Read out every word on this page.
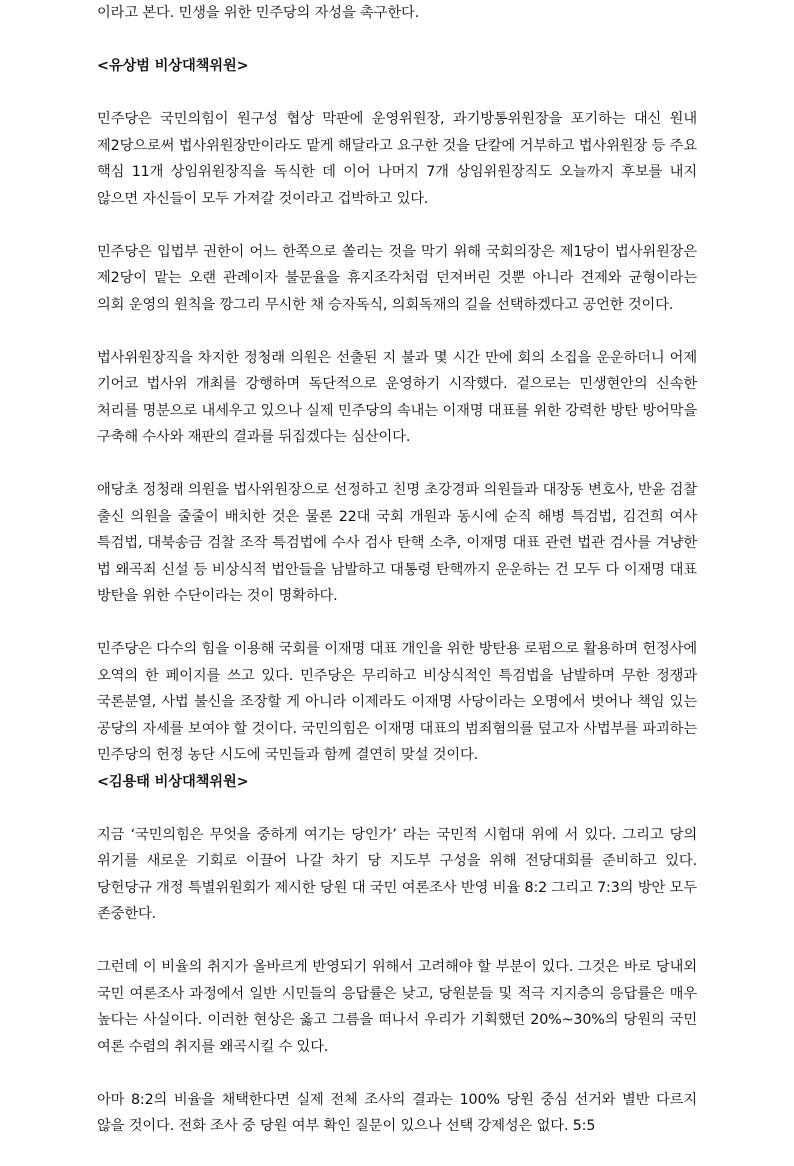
이라고 본다. 민생을 위한 민주당의 자성을 촉구한다.

<유상범 비상대책위원>

민주당은 국민의힘이 원구성 협상 막판에 운영위원장, 과기방통위원장을 포기하는 대신 원내 제2당으로써 법사위원장만이라도 맡게 해달라고 요구한 것을 단칼에 거부하고 법사위원장 등 주요 핵심 11개 상임위원장직을 독식한 데 이어 나머지 7개 상임위원장직도 오늘까지 후보를 내지 않으면 자신들이 모두 가져갈 것이라고 겁박하고 있다.

민주당은 입법부 권한이 어느 한쪽으로 쏠리는 것을 막기 위해 국회의장은 제1당이 법사위원장은 제2당이 맡는 오랜 관례이자 불문율을 휴지조각처럼 던져버린 것뿐 아니라 견제와 균형이라는 의회 운영의 원칙을 깡그리 무시한 채 승자독식, 의회독재의 길을 선택하겠다고 공언한 것이다.

법사위원장직을 차지한 정청래 의원은 선출된 지 불과 몇 시간 만에 회의 소집을 운운하더니 어제 기어코 법사위 개최를 강행하며 독단적으로 운영하기 시작했다. 겉으로는 민생현안의 신속한 처리를 명분으로 내세우고 있으나 실제 민주당의 속내는 이재명 대표를 위한 강력한 방탄 방어막을 구축해 수사와 재판의 결과를 뒤집겠다는 심산이다.

애당초 정청래 의원을 법사위원장으로 선정하고 친명 초강경파 의원들과 대장동 변호사, 반윤 검찰 출신 의원을 줄줄이 배치한 것은 물론 22대 국회 개원과 동시에 순직 해병 특검법, 김건희 여사 특검법, 대북송금 검찰 조작 특검법에 수사 검사 탄핵 소추, 이재명 대표 관련 법관 검사를 겨냥한 법 왜곡죄 신설 등 비상식적 법안들을 남발하고 대통령 탄핵까지 운운하는 건 모두 다 이재명 대표 방탄을 위한 수단이라는 것이 명확하다.

민주당은 다수의 힘을 이용해 국회를 이재명 대표 개인을 위한 방탄용 로펌으로 활용하며 헌정사에 오역의 한 페이지를 쓰고 있다. 민주당은 무리하고 비상식적인 특검법을 남발하며 무한 정쟁과 국론분열, 사법 불신을 조장할 게 아니라 이제라도 이재명 사당이라는 오명에서 벗어나 책임 있는 공당의 자세를 보여야 할 것이다. 국민의힘은 이재명 대표의 범죄혐의를 덮고자 사법부를 파괴하는 민주당의 헌정 농단 시도에 국민들과 함께 결연히 맞설 것이다.

<김용태 비상대책위원>

지금 ‘국민의힘은 무엇을 중하게 여기는 당인가’ 라는 국민적 시험대 위에 서 있다. 그리고 당의 위기를 새로운 기회로 이끌어 나갈 차기 당 지도부 구성을 위해 전당대회를 준비하고 있다. 당헌당규 개정 특별위원회가 제시한 당원 대 국민 여론조사 반영 비율 8:2 그리고 7:3의 방안 모두 존중한다.

그런데 이 비율의 취지가 올바르게 반영되기 위해서 고려해야 할 부분이 있다. 그것은 바로 당내외 국민 여론조사 과정에서 일반 시민들의 응답률은 낮고, 당원분들 및 적극 지지층의 응답률은 매우 높다는 사실이다. 이러한 현상은 옳고 그름을 떠나서 우리가 기획했던 20%~30%의 당원의 국민 여론 수렴의 취지를 왜곡시킬 수 있다.

아마 8:2의 비율을 채택한다면 실제 전체 조사의 결과는 100% 당원 중심 선거와 별반 다르지 않을 것이다. 전화 조사 중 당원 여부 확인 질문이 있으나 선택 강제성은 없다. 5:5
